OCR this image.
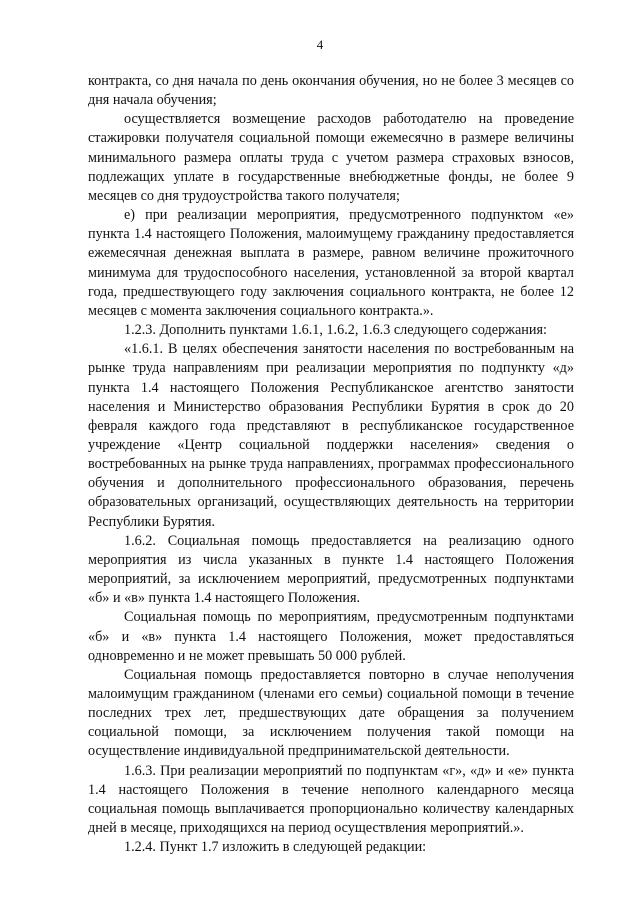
4

контракта, со дня начала по день окончания обучения, но не более 3 месяцев со дня начала обучения;

осуществляется возмещение расходов работодателю на проведение стажировки получателя социальной помощи ежемесячно в размере величины минимального размера оплаты труда с учетом размера страховых взносов, подлежащих уплате в государственные внебюджетные фонды, не более 9 месяцев со дня трудоустройства такого получателя;

е) при реализации мероприятия, предусмотренного подпунктом «е» пункта 1.4 настоящего Положения, малоимущему гражданину предоставляется ежемесячная денежная выплата в размере, равном величине прожиточного минимума для трудоспособного населения, установленной за второй квартал года, предшествующего году заключения социального контракта, не более 12 месяцев с момента заключения социального контракта.».

1.2.3. Дополнить пунктами 1.6.1, 1.6.2, 1.6.3 следующего содержания:

«1.6.1. В целях обеспечения занятости населения по востребованным на рынке труда направлениям при реализации мероприятия по подпункту «д» пункта 1.4 настоящего Положения Республиканское агентство занятости населения и Министерство образования Республики Бурятия в срок до 20 февраля каждого года представляют в республиканское государственное учреждение «Центр социальной поддержки населения» сведения о востребованных на рынке труда направлениях, программах профессионального обучения и дополнительного профессионального образования, перечень образовательных организаций, осуществляющих деятельность на территории Республики Бурятия.

1.6.2. Социальная помощь предоставляется на реализацию одного мероприятия из числа указанных в пункте 1.4 настоящего Положения мероприятий, за исключением мероприятий, предусмотренных подпунктами «б» и «в» пункта 1.4 настоящего Положения.

Социальная помощь по мероприятиям, предусмотренным подпунктами «б» и «в» пункта 1.4 настоящего Положения, может предоставляться одновременно и не может превышать 50 000 рублей.

Социальная помощь предоставляется повторно в случае неполучения малоимущим гражданином (членами его семьи) социальной помощи в течение последних трех лет, предшествующих дате обращения за получением социальной помощи, за исключением получения такой помощи на осуществление индивидуальной предпринимательской деятельности.

1.6.3. При реализации мероприятий по подпунктам «г», «д» и «е» пункта 1.4 настоящего Положения в течение неполного календарного месяца социальная помощь выплачивается пропорционально количеству календарных дней в месяце, приходящихся на период осуществления мероприятий.».

1.2.4. Пункт 1.7 изложить в следующей редакции:
